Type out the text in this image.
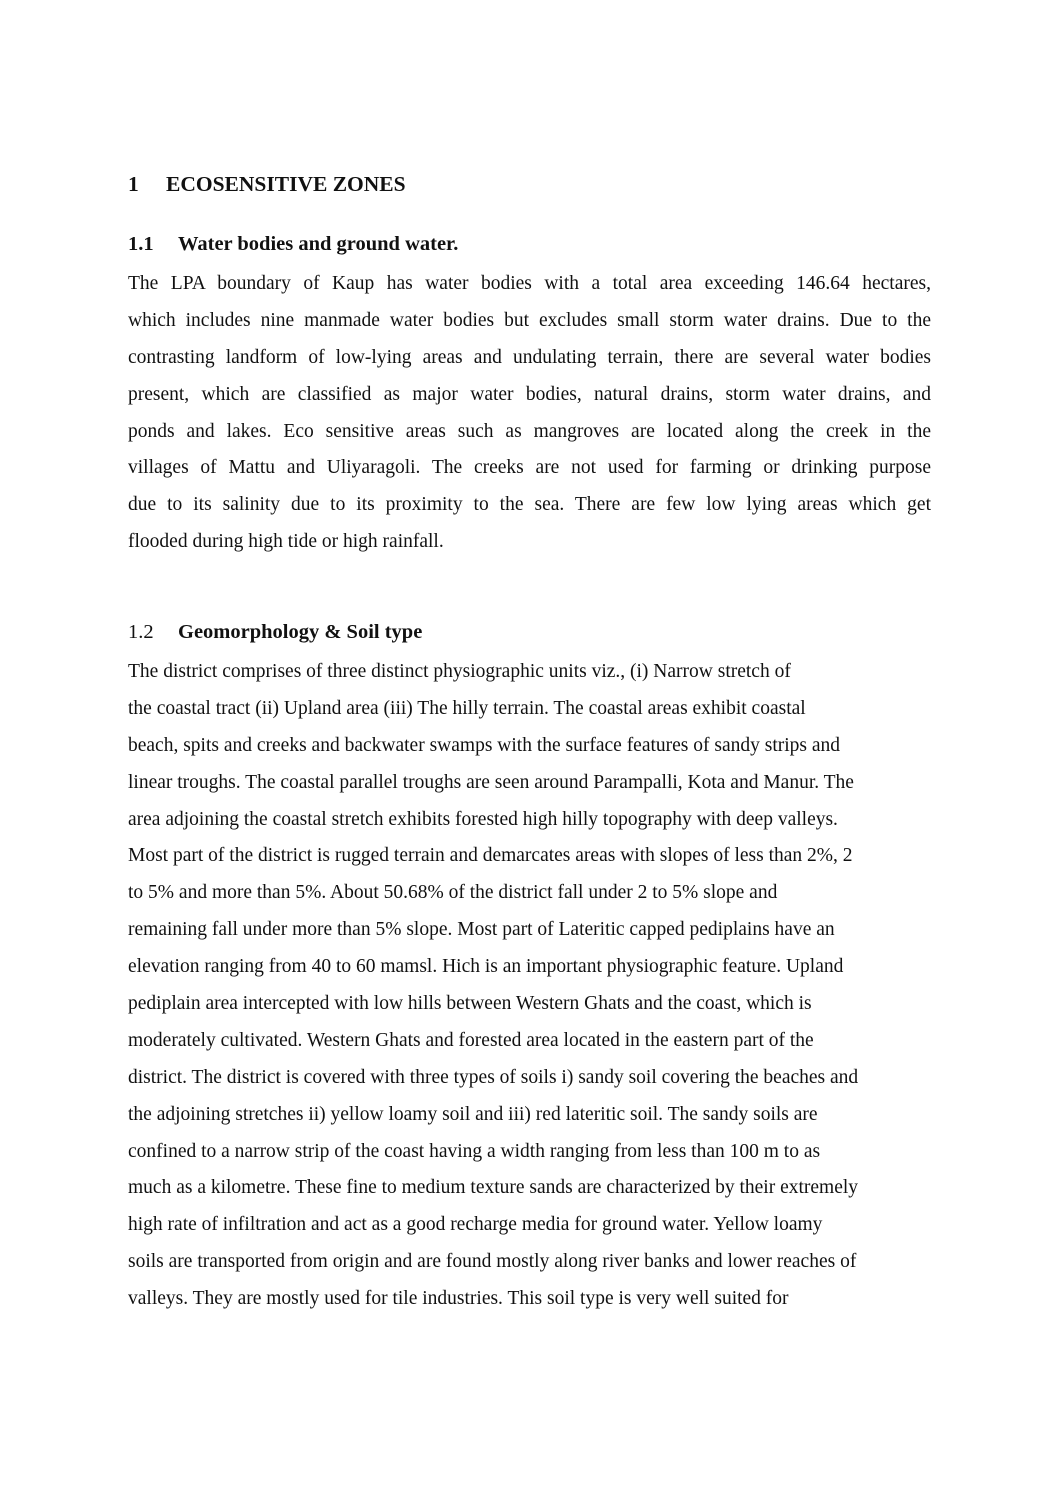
1 ECOSENSITIVE ZONES
1.1 Water bodies and ground water.
The LPA boundary of Kaup has water bodies with a total area exceeding 146.64 hectares,
which includes nine manmade water bodies but excludes small storm water drains. Due to the
contrasting landform of low-lying areas and undulating terrain, there are several water bodies
present, which are classified as major water bodies, natural drains, storm water drains, and
ponds and lakes. Eco sensitive areas such as mangroves are located along the creek in the
villages of Mattu and Uliyaragoli. The creeks are not used for farming or drinking purpose
due to its salinity due to its proximity to the sea. There are few low lying areas which get
flooded during high tide or high rainfall.
1.2 Geomorphology & Soil type
The district comprises of three distinct physiographic units viz., (i) Narrow stretch of
the coastal tract (ii) Upland area (iii) The hilly terrain. The coastal areas exhibit coastal
beach, spits and creeks and backwater swamps with the surface features of sandy strips and
linear troughs. The coastal parallel troughs are seen around Parampalli, Kota and Manur. The
area adjoining the coastal stretch exhibits forested high hilly topography with deep valleys.
Most part of the district is rugged terrain and demarcates areas with slopes of less than 2%, 2
to 5% and more than 5%. About 50.68% of the district fall under 2 to 5% slope and
remaining fall under more than 5% slope. Most part of Lateritic capped pediplains have an
elevation ranging from 40 to 60 mamsl. Hich is an important physiographic feature. Upland
pediplain area intercepted with low hills between Western Ghats and the coast, which is
moderately cultivated. Western Ghats and forested area located in the eastern part of the
district. The district is covered with three types of soils i) sandy soil covering the beaches and
the adjoining stretches ii) yellow loamy soil and iii) red lateritic soil. The sandy soils are
confined to a narrow strip of the coast having a width ranging from less than 100 m to as
much as a kilometre. These fine to medium texture sands are characterized by their extremely
high rate of infiltration and act as a good recharge media for ground water. Yellow loamy
soils are transported from origin and are found mostly along river banks and lower reaches of
valleys. They are mostly used for tile industries. This soil type is very well suited for
